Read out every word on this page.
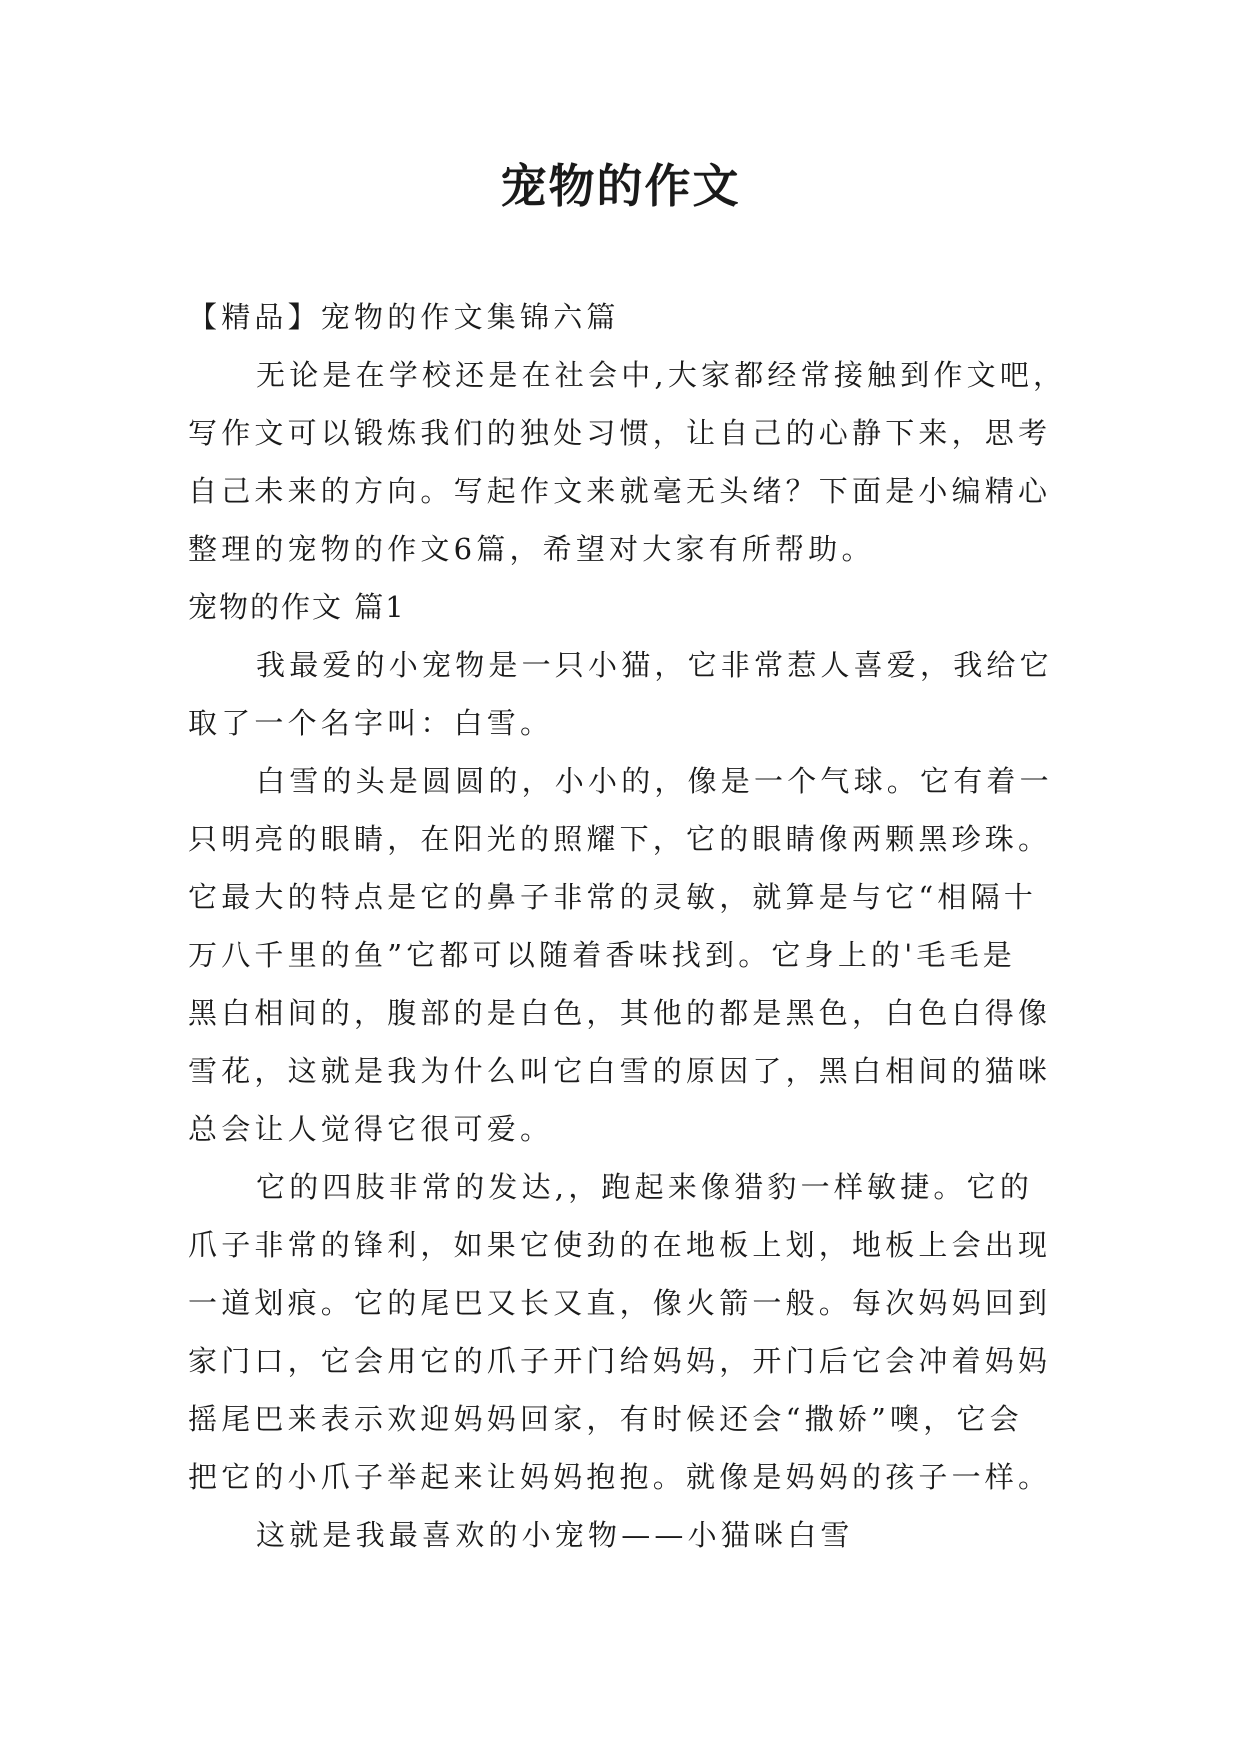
宠物的作文
【精品】宠物的作文集锦六篇
无论是在学校还是在社会中,大家都经常接触到作文吧，
写作文可以锻炼我们的独处习惯，让自己的心静下来，思考
自己未来的方向。写起作文来就毫无头绪？下面是小编精心
整理的宠物的作文6篇，希望对大家有所帮助。
宠物的作文 篇1
我最爱的小宠物是一只小猫，它非常惹人喜爱，我给它
取了一个名字叫：白雪。
白雪的头是圆圆的，小小的，像是一个气球。它有着一
只明亮的眼睛，在阳光的照耀下，它的眼睛像两颗黑珍珠。
它最大的特点是它的鼻子非常的灵敏，就算是与它“相隔十
万八千里的鱼”它都可以随着香味找到。它身上的'毛毛是
黑白相间的，腹部的是白色，其他的都是黑色，白色白得像
雪花，这就是我为什么叫它白雪的原因了，黑白相间的猫咪
总会让人觉得它很可爱。
它的四肢非常的发达,，跑起来像猎豹一样敏捷。它的
爪子非常的锋利，如果它使劲的在地板上划，地板上会出现
一道划痕。它的尾巴又长又直，像火箭一般。每次妈妈回到
家门口，它会用它的爪子开门给妈妈，开门后它会冲着妈妈
摇尾巴来表示欢迎妈妈回家，有时候还会“撒娇”噢，它会
把它的小爪子举起来让妈妈抱抱。就像是妈妈的孩子一样。
这就是我最喜欢的小宠物——小猫咪白雪
